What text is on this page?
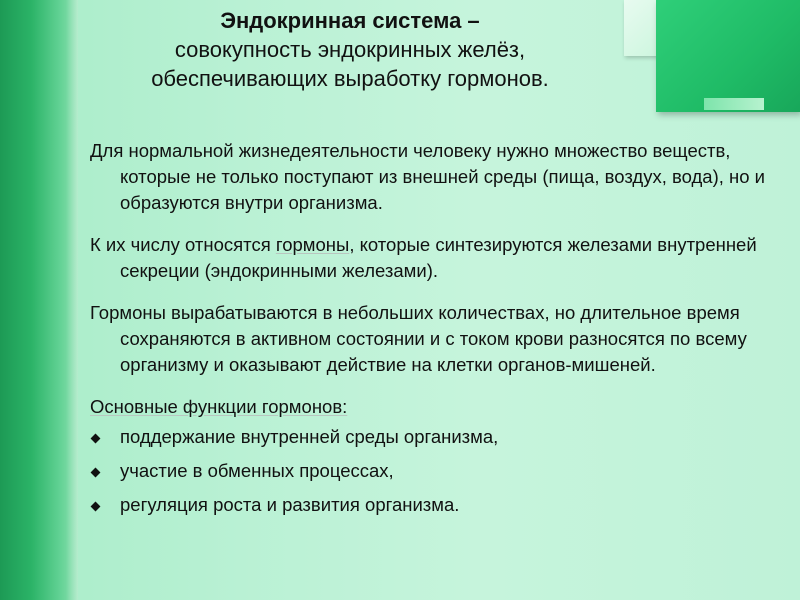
Эндокринная система –
совокупность эндокринных желёз,
обеспечивающих выработку гормонов.

Для нормальной жизнедеятельности человеку нужно множество веществ, которые не только поступают из внешней среды (пища, воздух, вода), но и образуются внутри организма.

К их числу относятся гормоны, которые синтезируются железами внутренней секреции (эндокринными железами).

Гормоны вырабатываются в небольших количествах, но длительное время сохраняются в активном состоянии и с током крови разносятся по всему организму и оказывают действие на клетки органов-мишеней.

Основные функции гормонов:
поддержание внутренней среды организма,
участие в обменных процессах,
регуляция роста и развития организма.
